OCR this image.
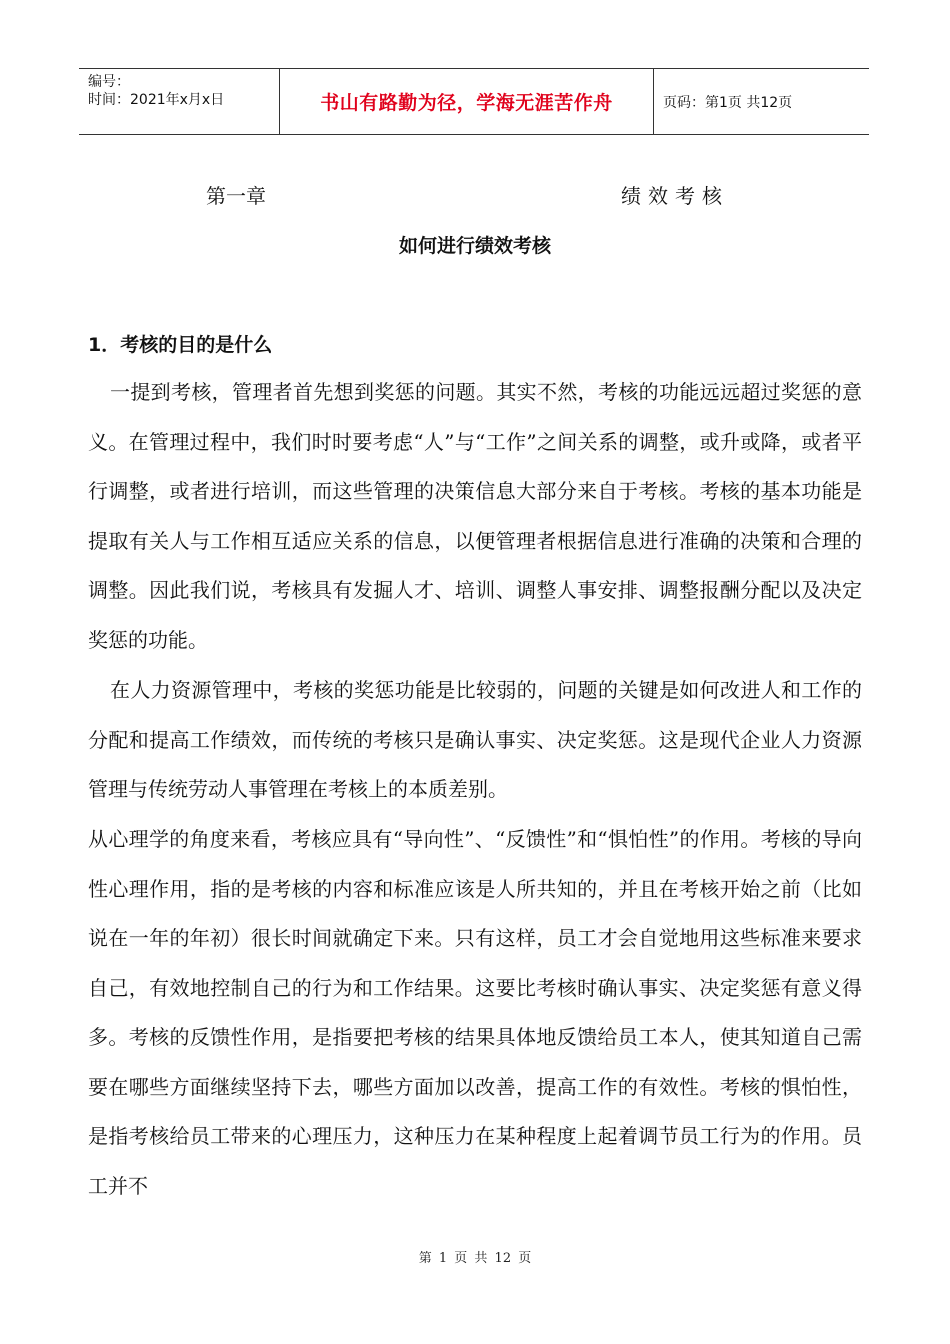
编号：
时间：2021年x月x日	书山有路勤为径，学海无涯苦作舟	页码：第1页 共12页
第一章	绩效考核
如何进行绩效考核
1．考核的目的是什么

一提到考核，管理者首先想到奖惩的问题。其实不然，考核的功能远远超过奖惩的意义。在管理过程中，我们时时要考虑“人”与“工作”之间关系的调整，或升或降，或者平行调整，或者进行培训，而这些管理的决策信息大部分来自于考核。考核的基本功能是提取有关人与工作相互适应关系的信息，以便管理者根据信息进行准确的决策和合理的调整。因此我们说，考核具有发掘人才、培训、调整人事安排、调整报酬分配以及决定奖惩的功能。

在人力资源管理中，考核的奖惩功能是比较弱的，问题的关键是如何改进人和工作的分配和提高工作绩效，而传统的考核只是确认事实、决定奖惩。这是现代企业人力资源管理与传统劳动人事管理在考核上的本质差别。

从心理学的角度来看，考核应具有“导向性”、“反馈性”和“惧怕性”的作用。考核的导向性心理作用，指的是考核的内容和标准应该是人所共知的，并且在考核开始之前（比如说在一年的年初）很长时间就确定下来。只有这样，员工才会自觉地用这些标准来要求自己，有效地控制自己的行为和工作结果。这要比考核时确认事实、决定奖惩有意义得多。考核的反馈性作用，是指要把考核的结果具体地反馈给员工本人，使其知道自己需要在哪些方面继续坚持下去，哪些方面加以改善，提高工作的有效性。考核的惧怕性，是指考核给员工带来的心理压力，这种压力在某种程度上起着调节员工行为的作用。员工并不

第 1 页 共 12 页
